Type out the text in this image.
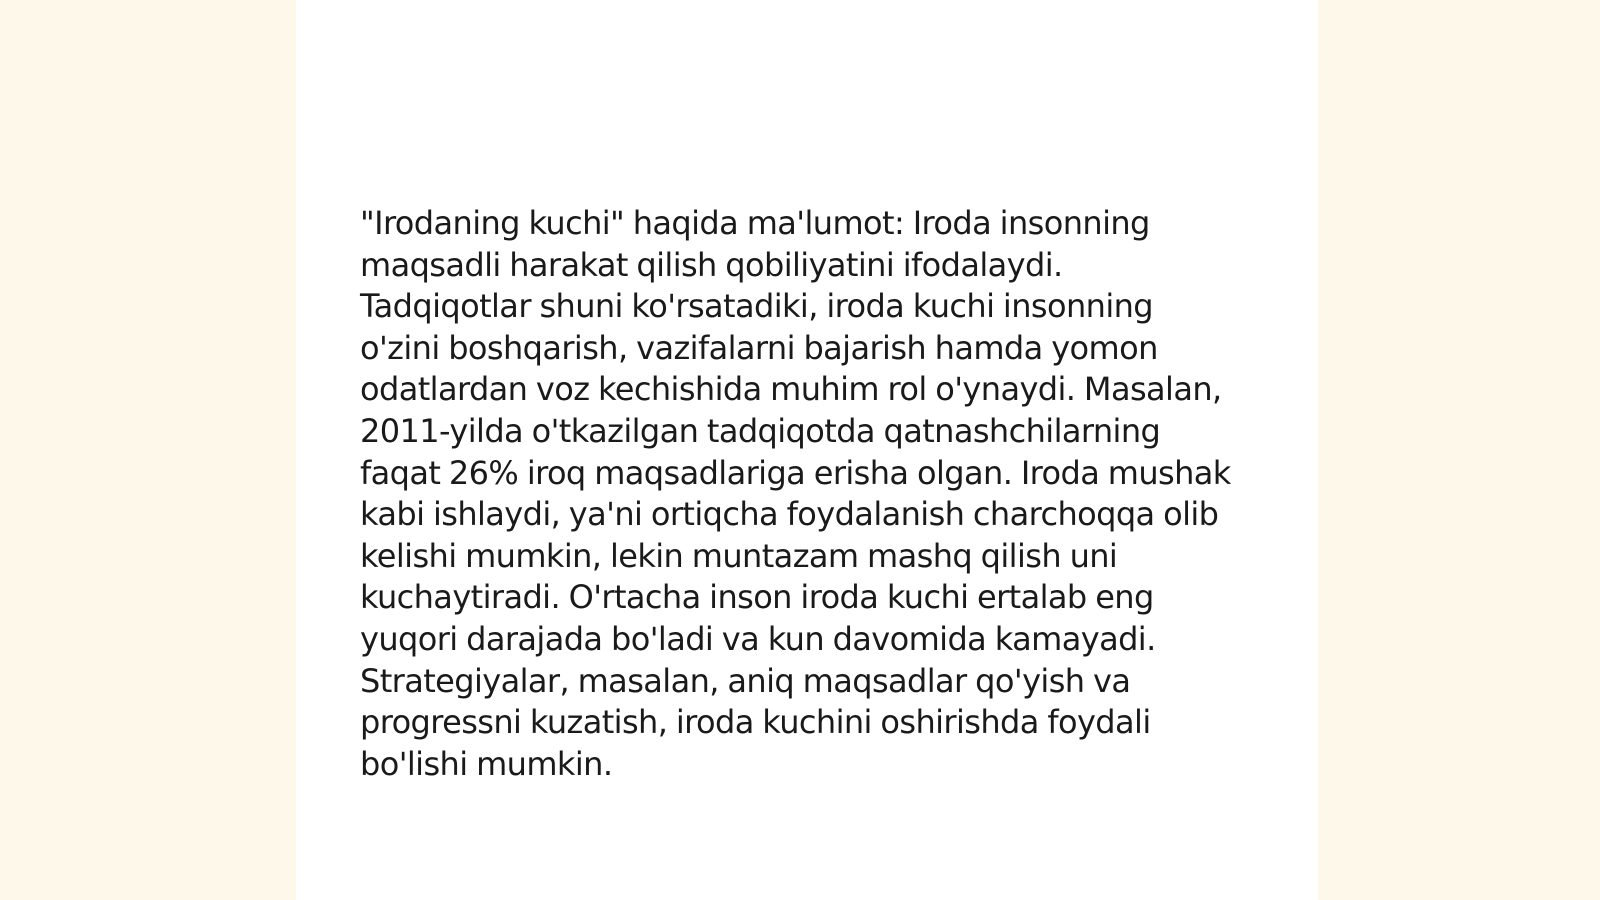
"Irodaning kuchi" haqida ma'lumot: Iroda insonning maqsadli harakat qilish qobiliyatini ifodalaydi. Tadqiqotlar shuni ko'rsatadiki, iroda kuchi insonning o'zini boshqarish, vazifalarni bajarish hamda yomon odatlardan voz kechishida muhim rol o'ynaydi. Masalan, 2011-yilda o'tkazilgan tadqiqotda qatnashchilarning faqat 26% iroq maqsadlariga erisha olgan. Iroda mushak kabi ishlaydi, ya'ni ortiqcha foydalanish charchoqqa olib kelishi mumkin, lekin muntazam mashq qilish uni kuchaytiradi. O'rtacha inson iroda kuchi ertalab eng yuqori darajada bo'ladi va kun davomida kamayadi. Strategiyalar, masalan, aniq maqsadlar qo'yish va progressni kuzatish, iroda kuchini oshirishda foydali bo'lishi mumkin.
